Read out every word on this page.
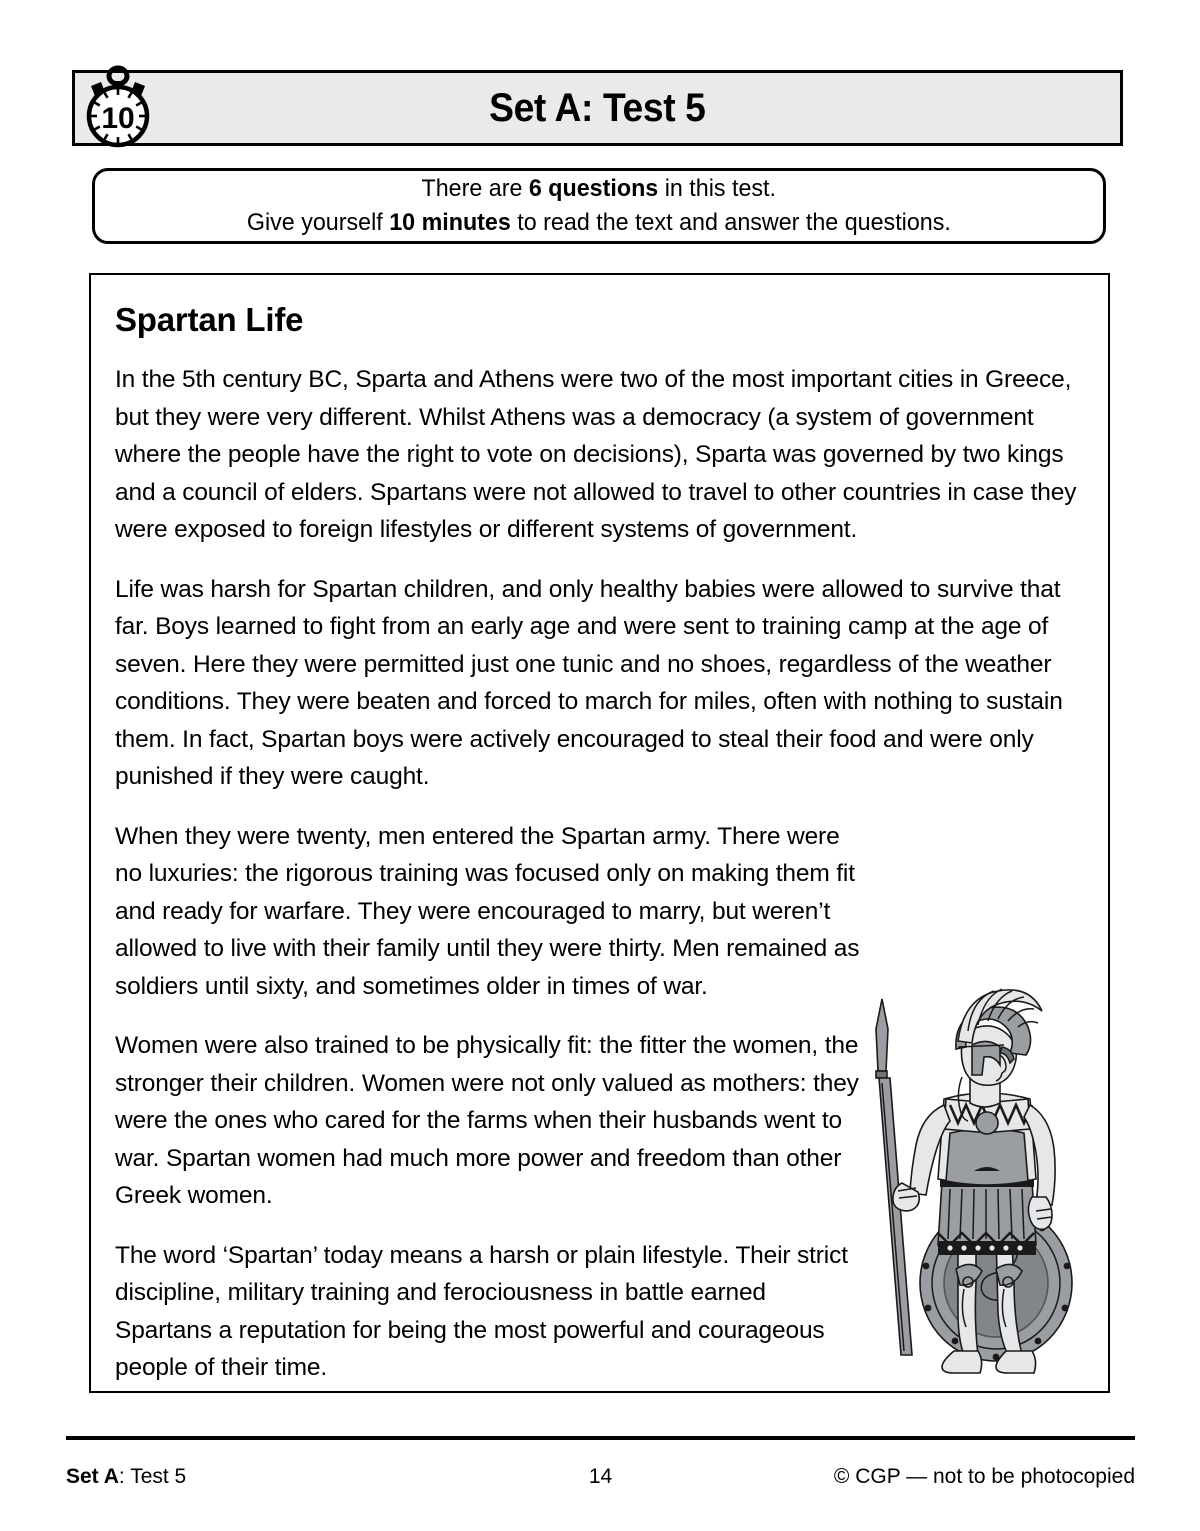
Set A: Test 5
10
There are 6 questions in this test.
Give yourself 10 minutes to read the text and answer the questions.
Spartan Life

In the 5th century BC, Sparta and Athens were two of the most important cities in Greece, but they were very different. Whilst Athens was a democracy (a system of government where the people have the right to vote on decisions), Sparta was governed by two kings and a council of elders. Spartans were not allowed to travel to other countries in case they were exposed to foreign lifestyles or different systems of government.

Life was harsh for Spartan children, and only healthy babies were allowed to survive that far. Boys learned to fight from an early age and were sent to training camp at the age of seven. Here they were permitted just one tunic and no shoes, regardless of the weather conditions. They were beaten and forced to march for miles, often with nothing to sustain them. In fact, Spartan boys were actively encouraged to steal their food and were only punished if they were caught.

When they were twenty, men entered the Spartan army. There were no luxuries: the rigorous training was focused only on making them fit and ready for warfare. They were encouraged to marry, but weren’t allowed to live with their family until they were thirty. Men remained as soldiers until sixty, and sometimes older in times of war.

Women were also trained to be physically fit: the fitter the women, the stronger their children. Women were not only valued as mothers: they were the ones who cared for the farms when their husbands went to war. Spartan women had much more power and freedom than other Greek women.

The word ‘Spartan’ today means a harsh or plain lifestyle. Their strict discipline, military training and ferociousness in battle earned Spartans a reputation for being the most powerful and courageous people of their time.

Set A: Test 5	14	© CGP — not to be photocopied
